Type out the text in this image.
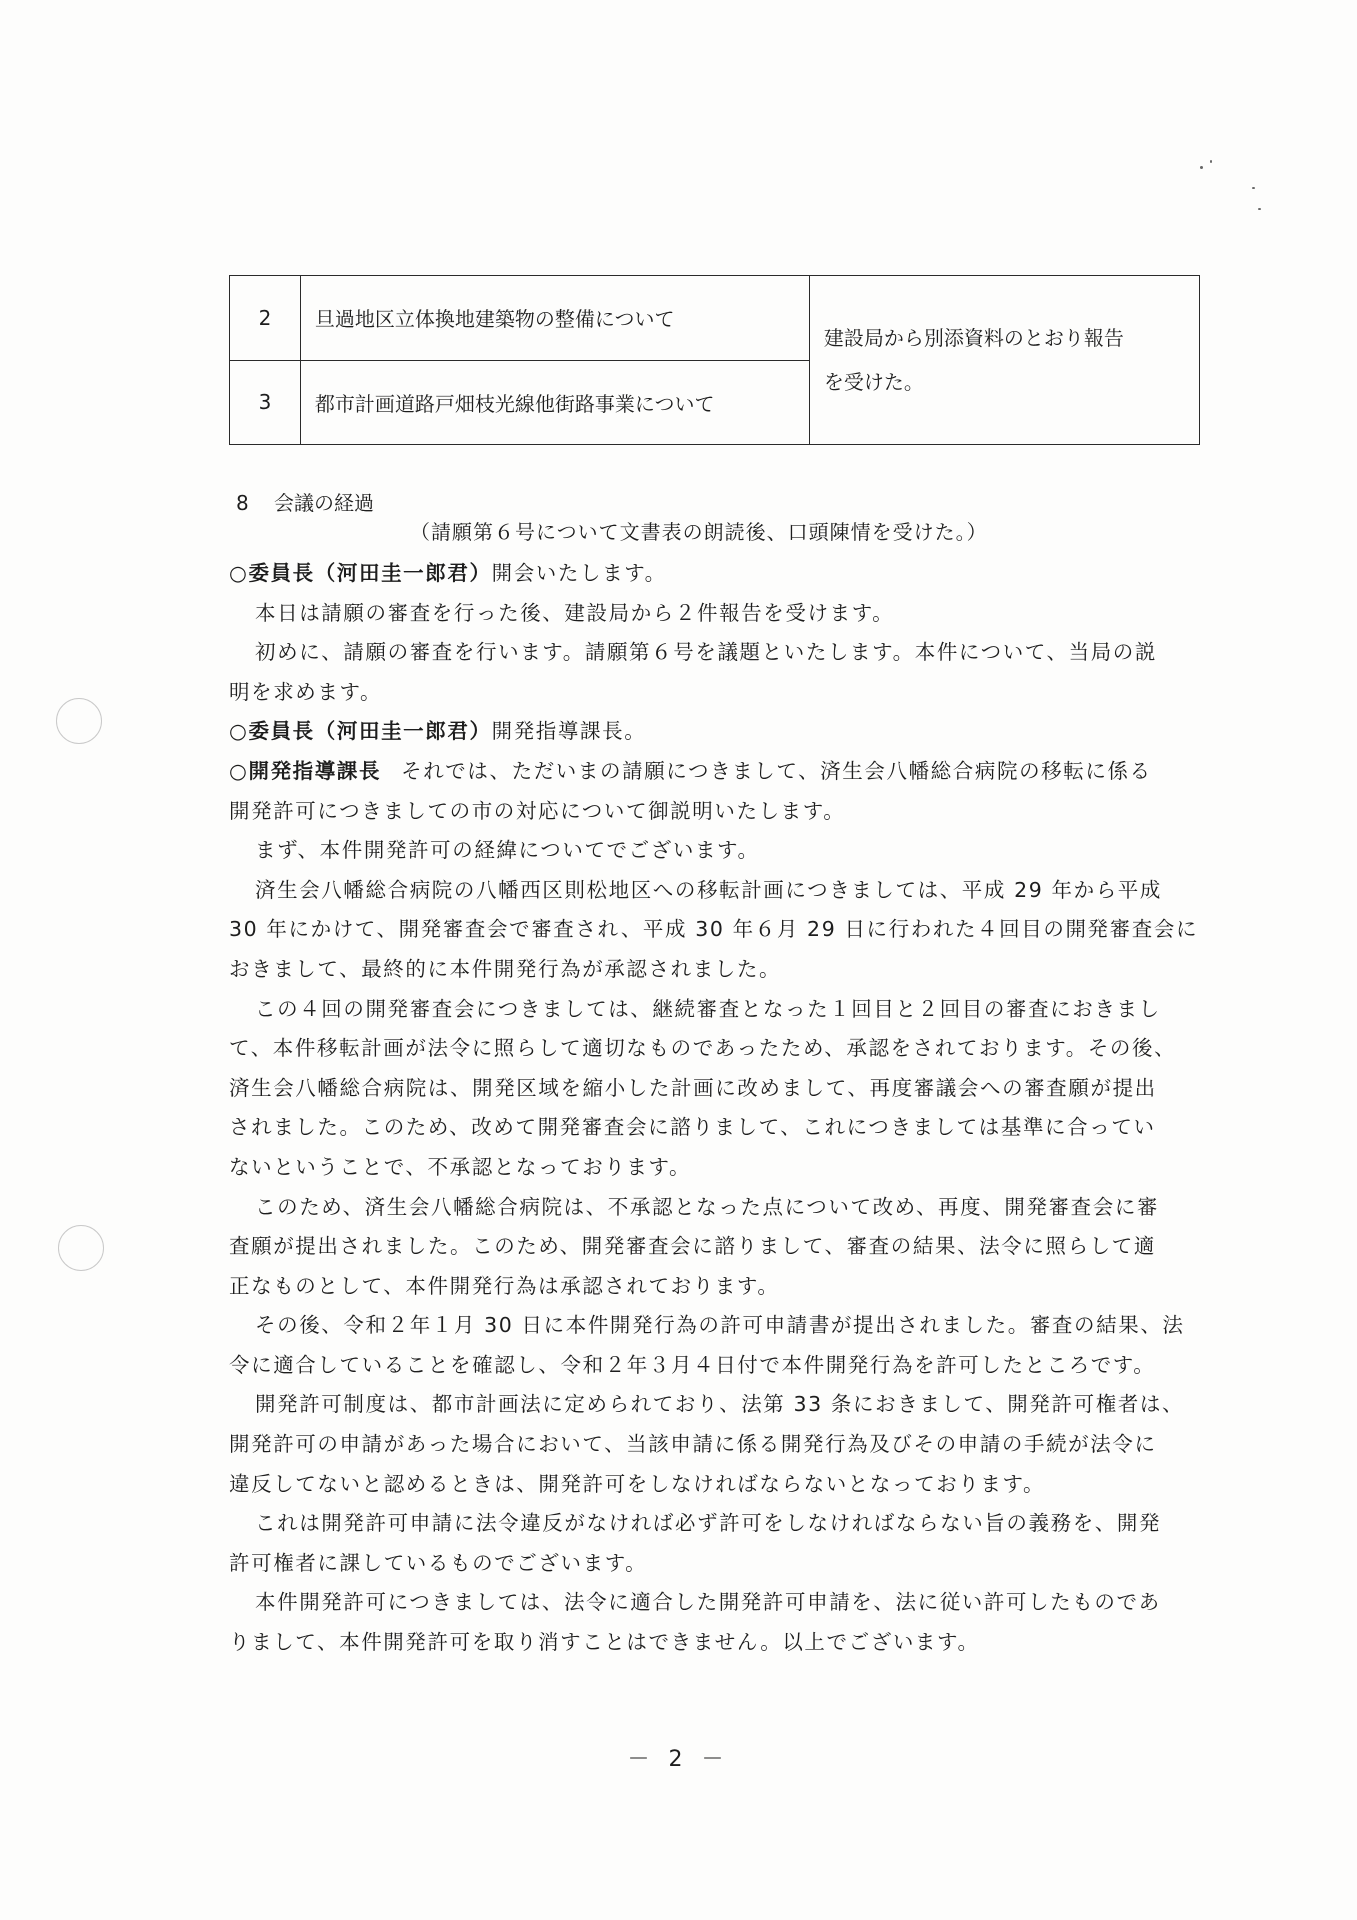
2	旦過地区立体換地建築物の整備について	建設局から別添資料のとおり報告
を受けた。

3	都市計画道路戸畑枝光線他街路事業について	
8 会議の経過
（請願第６号について文書表の朗読後、口頭陳情を受けた。）
○委員長（河田圭一郎君）開会いたします。
本日は請願の審査を行った後、建設局から２件報告を受けます。
初めに、請願の審査を行います。請願第６号を議題といたします。本件について、当局の説
明を求めます。
○委員長（河田圭一郎君）開発指導課長。
○開発指導課長 それでは、ただいまの請願につきまして、済生会八幡総合病院の移転に係る
開発許可につきましての市の対応について御説明いたします。
まず、本件開発許可の経緯についてでございます。
済生会八幡総合病院の八幡西区則松地区への移転計画につきましては、平成 29 年から平成
30 年にかけて、開発審査会で審査され、平成 30 年６月 29 日に行われた４回目の開発審査会に
おきまして、最終的に本件開発行為が承認されました。
この４回の開発審査会につきましては、継続審査となった１回目と２回目の審査におきまし
て、本件移転計画が法令に照らして適切なものであったため、承認をされております。その後、
済生会八幡総合病院は、開発区域を縮小した計画に改めまして、再度審議会への審査願が提出
されました。このため、改めて開発審査会に諮りまして、これにつきましては基準に合ってい
ないということで、不承認となっております。
このため、済生会八幡総合病院は、不承認となった点について改め、再度、開発審査会に審
査願が提出されました。このため、開発審査会に諮りまして、審査の結果、法令に照らして適
正なものとして、本件開発行為は承認されております。
その後、令和２年１月 30 日に本件開発行為の許可申請書が提出されました。審査の結果、法
令に適合していることを確認し、令和２年３月４日付で本件開発行為を許可したところです。
開発許可制度は、都市計画法に定められており、法第 33 条におきまして、開発許可権者は、
開発許可の申請があった場合において、当該申請に係る開発行為及びその申請の手続が法令に
違反してないと認めるときは、開発許可をしなければならないとなっております。
これは開発許可申請に法令違反がなければ必ず許可をしなければならない旨の義務を、開発
許可権者に課しているものでございます。
本件開発許可につきましては、法令に適合した開発許可申請を、法に従い許可したものであ
りまして、本件開発許可を取り消すことはできません。以上でございます。
－ 2 －
